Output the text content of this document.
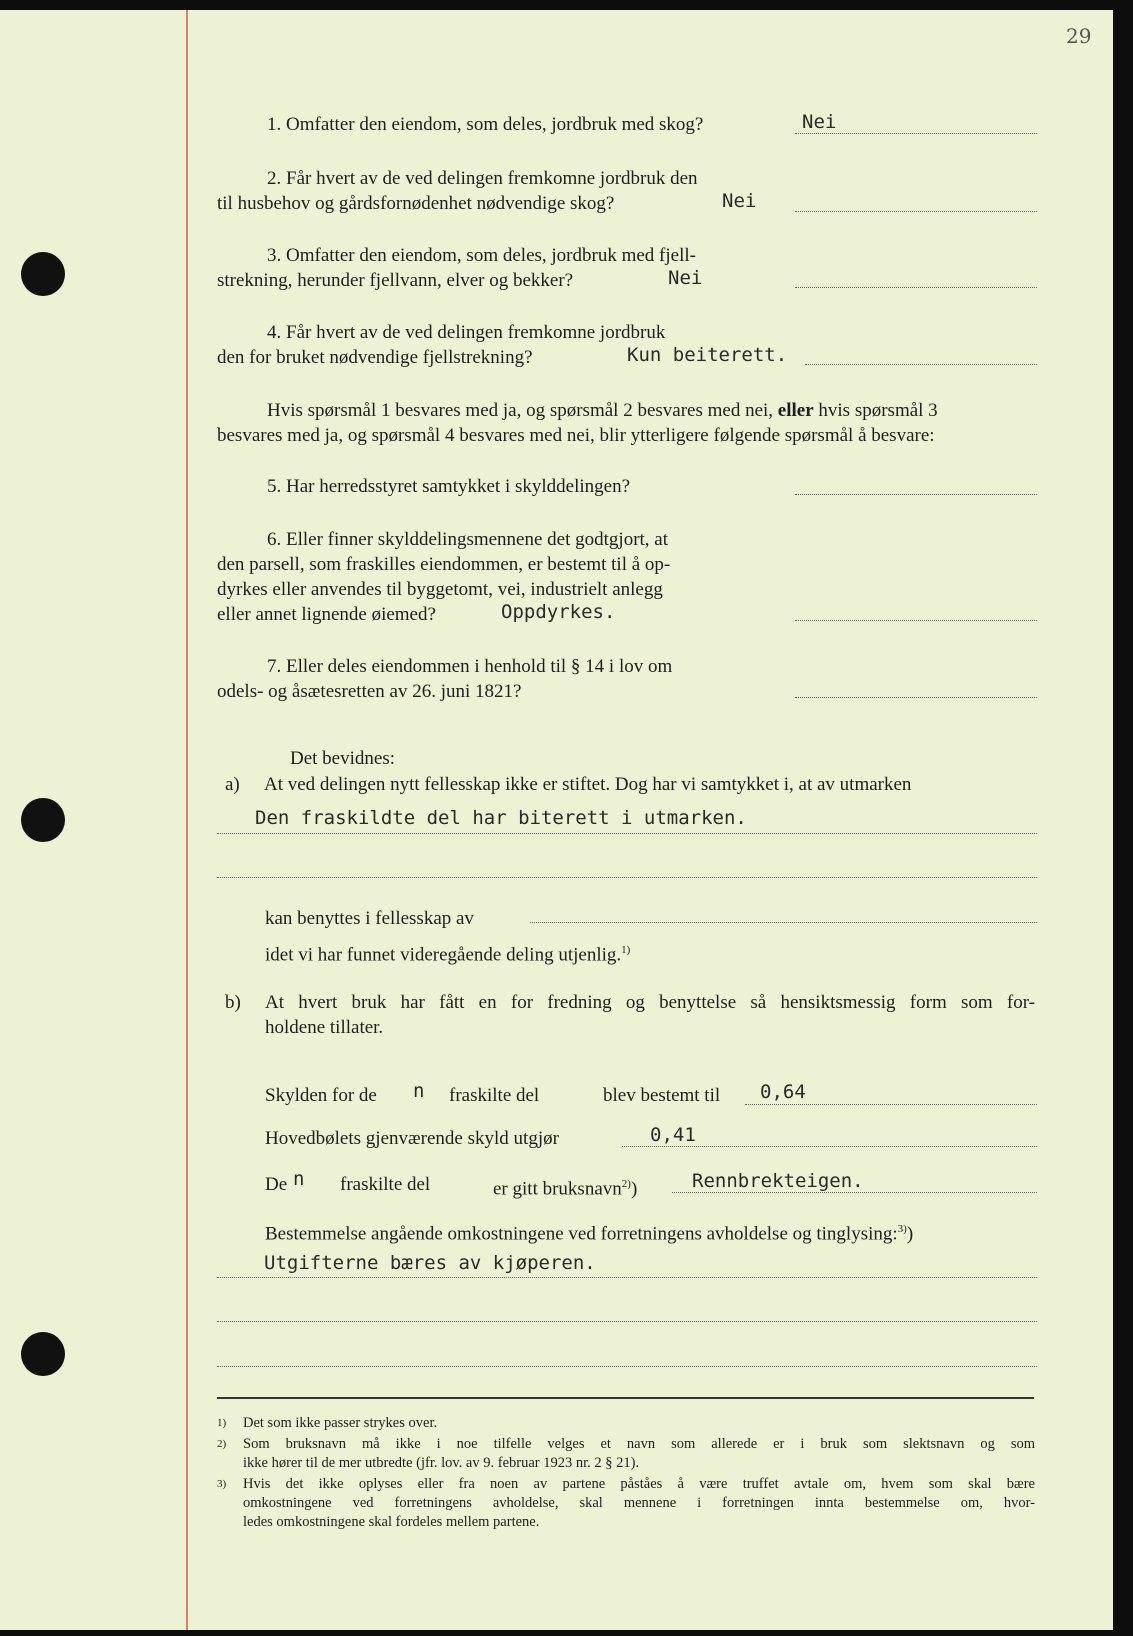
29
1. Omfatter den eiendom, som deles, jordbruk med skog?	Nei
2. Får hvert av de ved delingen fremkomne jordbruk den
til husbehov og gårdsfornødenhet nødvendige skog?	Nei
3. Omfatter den eiendom, som deles, jordbruk med fjell-
strekning, herunder fjellvann, elver og bekker?	Nei
4. Får hvert av de ved delingen fremkomne jordbruk
den for bruket nødvendige fjellstrekning?	Kun beiterett.
Hvis spørsmål 1 besvares med ja, og spørsmål 2 besvares med nei, eller hvis spørsmål 3
besvares med ja, og spørsmål 4 besvares med nei, blir ytterligere følgende spørsmål å besvare:
5. Har herredsstyret samtykket i skylddelingen?
6. Eller finner skylddelingsmennene det godtgjort, at
den parsell, som fraskilles eiendommen, er bestemt til å op-
dyrkes eller anvendes til byggetomt, vei, industrielt anlegg
eller annet lignende øiemed?	Oppdyrkes.
7. Eller deles eiendommen i henhold til § 14 i lov om
odels- og åsætesretten av 26. juni 1821?
Det bevidnes:
a) At ved delingen nytt fellesskap ikke er stiftet. Dog har vi samtykket i, at av utmarken
Den fraskildte del har biterett i utmarken.
kan benyttes i fellesskap av
idet vi har funnet videregående deling utjenlig.$^{1)}$
b) At hvert bruk har fått en for fredning og benyttelse så hensiktsmessig form som for-
holdene tillater.
Skylden for de n fraskilte del	blev bestemt til 0,64
Hovedbølets gjenværende skyld utgjør	0,41
De n fraskilte del	er gitt bruksnavn$^{2)}$)	Rennbrekteigen.
Bestemmelse angående omkostningene ved forretningens avholdelse og tinglysing:$^{3)}$)
Utgifterne bæres av kjøperen.
1) Det som ikke passer strykes over.
2) Som bruksnavn må ikke i noe tilfelle velges et navn som allerede er i bruk som slektsnavn og som
ikke hører til de mer utbredte (jfr. lov. av 9. februar 1923 nr. 2 § 21).
3) Hvis det ikke oplyses eller fra noen av partene påståes å være truffet avtale om, hvem som skal bære
omkostningene ved forretningens avholdelse, skal mennene i forretningen innta bestemmelse om, hvor-
ledes omkostningene skal fordeles mellem partene.
